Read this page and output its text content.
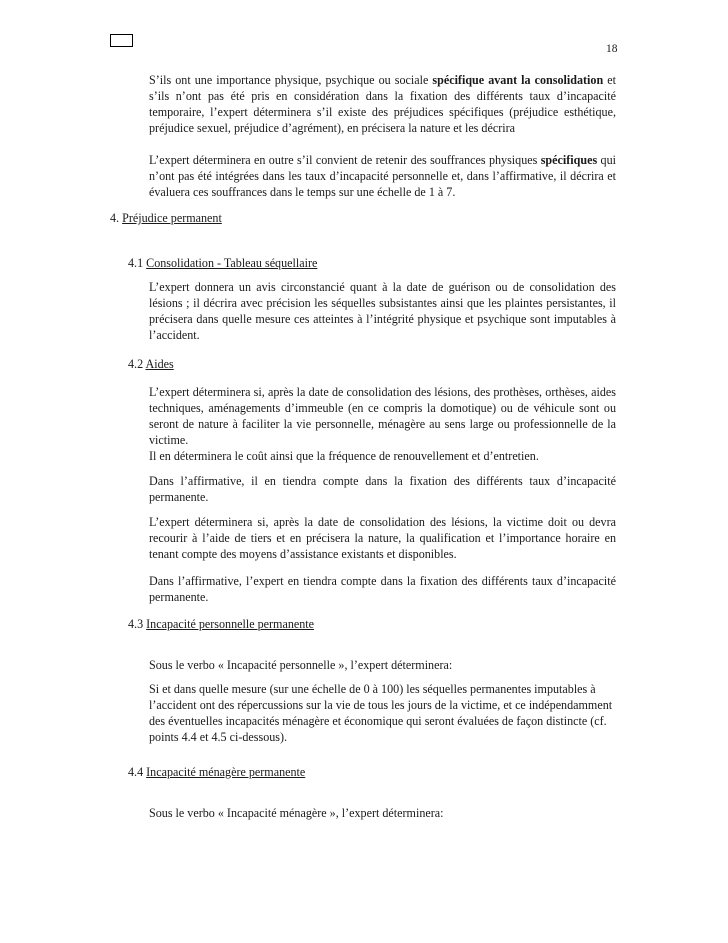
18

S’ils ont une importance physique, psychique ou sociale spécifique avant la consolidation et s’ils n’ont pas été pris en considération dans la fixation des différents taux d’incapacité temporaire, l’expert déterminera s’il existe des préjudices spécifiques (préjudice esthétique, préjudice sexuel, préjudice d’agrément), en précisera la nature et les décrira

L’expert déterminera en outre s’il convient de retenir des souffrances physiques spécifiques qui n’ont pas été intégrées dans les taux d’incapacité personnelle et, dans l’affirmative, il décrira et évaluera ces souffrances dans le temps sur une échelle de 1 à 7.

4. Préjudice permanent

4.1 Consolidation - Tableau séquellaire

L’expert donnera un avis circonstancié quant à la date de guérison ou de consolidation des lésions ; il décrira avec précision les séquelles subsistantes ainsi que les plaintes persistantes, il précisera dans quelle mesure ces atteintes à l’intégrité physique et psychique sont imputables à l’accident.

4.2 Aides

L’expert déterminera si, après la date de consolidation des lésions, des prothèses, orthèses, aides techniques, aménagements d’immeuble (en ce compris la domotique) ou de véhicule sont ou seront de nature à faciliter la vie personnelle, ménagère au sens large ou professionnelle de la victime.

Il en déterminera le coût ainsi que la fréquence de renouvellement et d’entretien.

Dans l’affirmative, il en tiendra compte dans la fixation des différents taux d’incapacité permanente.

L’expert déterminera si, après la date de consolidation des lésions, la victime doit ou devra recourir à l’aide de tiers et en précisera la nature, la qualification et l’importance horaire en tenant compte des moyens d’assistance existants et disponibles.

Dans l’affirmative, l’expert en tiendra compte dans la fixation des différents taux d’incapacité permanente.

4.3 Incapacité personnelle permanente

Sous le verbo « Incapacité personnelle », l’expert déterminera:

Si et dans quelle mesure (sur une échelle de 0 à 100) les séquelles permanentes imputables à l’accident ont des répercussions sur la vie de tous les jours de la victime, et ce indépendamment des éventuelles incapacités ménagère et économique qui seront évaluées de façon distincte (cf. points 4.4 et 4.5 ci-dessous).

4.4 Incapacité ménagère permanente

Sous le verbo « Incapacité ménagère », l’expert déterminera:
